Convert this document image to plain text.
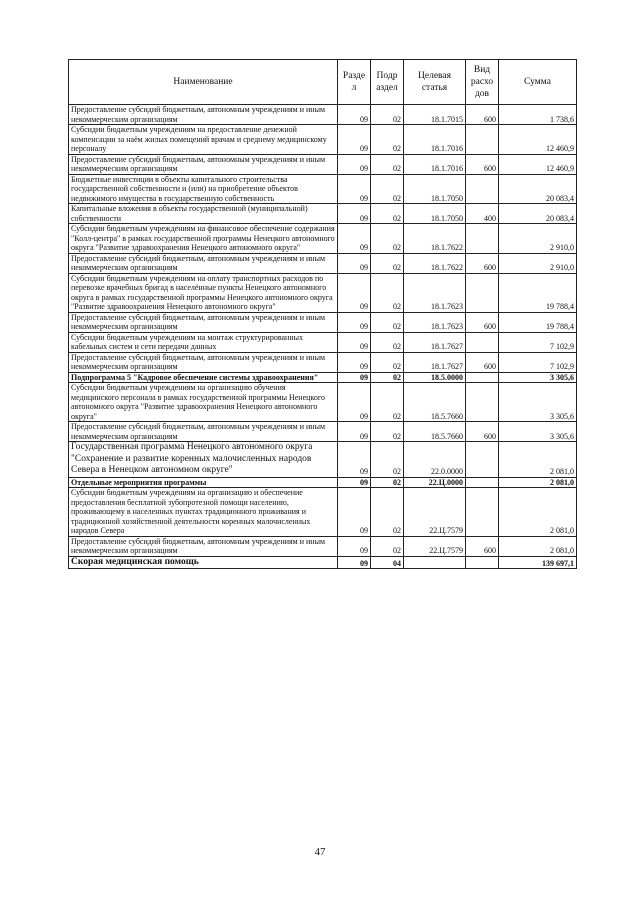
Наименование	Разде л	Подр аздел	Целевая статья	Вид расхо дов	Сумма
Предоставление субсидий бюджетным, автономным учреждениям и иным некоммерческим организациям	09	02	18.1.7015	600	1 738,6
Субсидии бюджетным учреждениям на предоставление денежной компенсации за наём жилых помещений врачам и среднему медицинскому персоналу	09	02	18.1.7016		12 460,9
Предоставление субсидий бюджетным, автономным учреждениям и иным некоммерческим организациям	09	02	18.1.7016	600	12 460,9
Бюджетные инвестиции в объекты капитального строительства государственной собственности и (или) на приобретение объектов недвижимого имущества в государственную собственность	09	02	18.1.7050		20 083,4
Капитальные вложения в объекты государственной (муниципальной) собственности	09	02	18.1.7050	400	20 083,4
Субсидии бюджетным учреждениям на финансовое обеспечение содержания "Колл-центра" в рамках государственной программы Ненецкого автономного округа "Развитие здравоохранения Ненецкого автономного округа"	09	02	18.1.7622		2 910,0
Предоставление субсидий бюджетным, автономным учреждениям и иным некоммерческим организациям	09	02	18.1.7622	600	2 910,0
Субсидии бюджетным учреждениям на оплату транспортных расходов по перевозке врачебных бригад в населённые пункты Ненецкого автономного округа в рамках государственной программы Ненецкого автономного округа "Развитие здравоохранения Ненецкого автономного округа"	09	02	18.1.7623		19 788,4
Предоставление субсидий бюджетным, автономным учреждениям и иным некоммерческим организациям	09	02	18.1.7623	600	19 788,4
Субсидии бюджетным учреждениям на монтаж структурированных кабельных систем и сети передачи данных	09	02	18.1.7627		7 102,9
Предоставление субсидий бюджетным, автономным учреждениям и иным некоммерческим организациям	09	02	18.1.7627	600	7 102,9
Подпрограмма 5 "Кадровое обеспечение системы здравоохранения"	09	02	18.5.0000		3 305,6
Субсидии бюджетным учреждениям на организацию обучения медицинского персонала в рамках государственной программы Ненецкого автономного округа "Развитие здравоохранения Ненецкого автономного округа"	09	02	18.5.7660		3 305,6
Предоставление субсидий бюджетным, автономным учреждениям и иным некоммерческим организациям	09	02	18.5.7660	600	3 305,6
Государственная программа Ненецкого автономного округа "Сохранение и развитие коренных малочисленных народов Севера в Ненецком автономном округе"	09	02	22.0.0000		2 081,0
Отдельные мероприятия программы	09	02	22.Ц.0000		2 081,0
Субсидии бюджетным учреждениям на организацию и обеспечение предоставления бесплатной зубопротезной помощи населению, проживающему в населенных пунктах традиционного проживания и традиционной хозяйственной деятельности коренных малочисленных народов Севера	09	02	22.Ц.7579		2 081,0
Предоставление субсидий бюджетным, автономным учреждениям и иным некоммерческим организациям	09	02	22.Ц.7579	600	2 081,0
Скорая медицинская помощь	09	04			139 697,1
47
